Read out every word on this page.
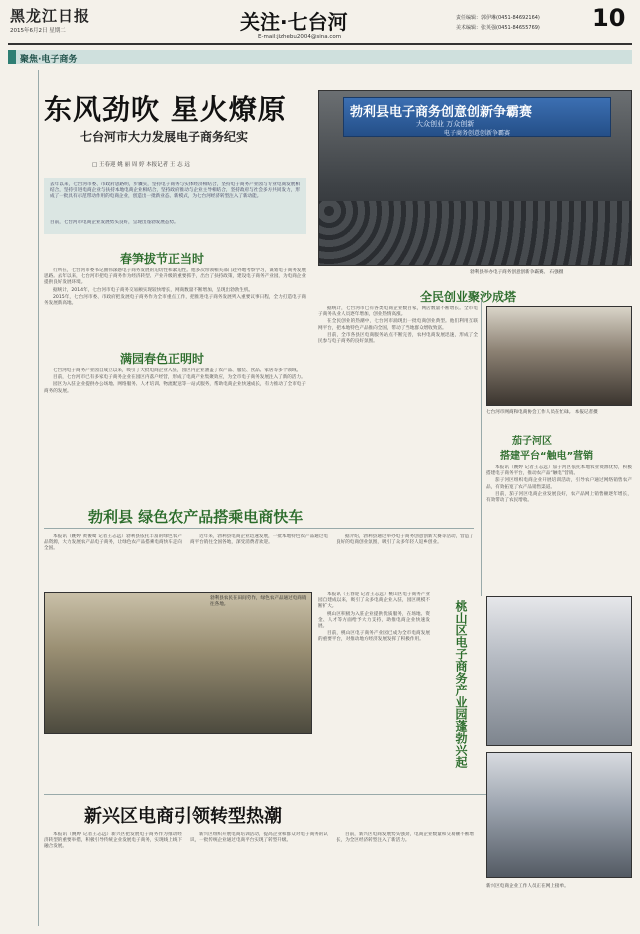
黑龙江日报
2015年6月2日 星期二	关注·七台河
E-mail:jizhebu2004@sina.com
责任编辑：郭伊琳(0451-84692164)
美术编辑：张英强(0451-84655769) 10
聚焦·电子商务
东风劲吹 星火燎原
七台河市大力发展电子商务纪实
□ 王春迎 姚 丽 周 婷 本报记者 王 志 远
去年以来，七台河市委、市政府思路明，步骤实，坚持电子商务与实体经济相结合，坚持电子商务产业园与专业电商发展相结合，坚持引进电商企业与扶持本地电商企业相结合，坚持政府推动与企业主导相结合，坚持政府与社会多方共同发力，形成了一批具有示范带动作用的电商企业，创造出一批新业态、新模式，为七台河经济转型注入了新动能。
目前，七台河市电商企业发展势头良好，呈现出蓬勃发展态势。
春笋拔节正当时

行所在，七台河市委书记曲伟深感电子商务发展的迫切性和紧迫性。他多次带领相关部门赴外地考察学习，谋划电子商务发展思路。去年以来，七台河市把电子商务作为经济转型、产业升级的重要抓手，出台了扶持政策，建设电子商务产业园，为电商企业提供良好发展环境。

据统计，2014年，七台河市电子商务交易额实现较快增长，网商数量不断增加，呈现出勃勃生机。

2015年，七台河市委、市政府把发展电子商务作为全市重点工作，把推进电子商务发展列入重要议事日程，全力打造电子商务发展新高地。

满园春色正明时

七台河电子商务产业园自成立以来，吸引了大批电商企业入驻，园区内企业涵盖了农产品、服装、食品、家居等多个领域。

目前，七台河市已有多家电子商务企业在园区内落户经营，形成了电商产业集聚效应，为全市电子商务发展注入了新的活力。

园区为入驻企业提供办公场地、网络服务、人才培训、物流配送等一站式服务，帮助电商企业快速成长，有力推动了全市电子商务的发展。

勃利县电子商务创意创新争霸赛
大众创业 万众创新
电子商务创意创新争霸赛
勃利县举办电子商务创意创新争霸赛。 石强摄
全民创业聚沙成塔

据统计，七台河市已有各类电商企业数百家，网店数量不断增长。全市电子商务从业人员逐年增加，创业热情高涨。

在全民创业的热潮中，七台河市涌现出一批电商创业典型。他们利用互联网平台，把本地特色产品推向全国，带动了当地群众增收致富。

目前，全市各县区电商服务站点不断完善，农村电商发展迅速，形成了全民参与电子商务的良好氛围。

七台河市网商和电商协会工作人员在忙碌。 本报记者摄
茄子河区
搭建平台“触电”营销

本报讯（姚婷 记者王志远）茄子河区依托本地农业资源优势，积极搭建电子商务平台，推动农产品“触电”营销。

茄子河区组织电商企业开展培训活动，引导农户通过网络销售农产品，有效拓宽了农产品销售渠道。

目前，茄子河区电商企业发展良好，农产品网上销售额逐年增长，有效带动了农民增收。

勃利县 绿色农产品搭乘电商快车

本报讯（姚婷 黄俊鹭 记者王志远）勃利县依托丰富的绿色农产品资源，大力发展农产品电子商务，让绿色农产品搭乘电商快车走向全国。

近年来，勃利县电商企业迅速发展，一批本地特色农产品通过电商平台销往全国各地，深受消费者欢迎。

据介绍，勃利县通过举办电子商务创意创新大赛等活动，营造了良好的电商创业氛围，吸引了众多年轻人返乡创业。

勃利县农民在田间劳作，绿色农产品通过电商销往各地。

本报讯（王春迎 记者王志远）桃山区电子商务产业园自建成以来，吸引了众多电商企业入驻，园区规模不断扩大。

桃山区积极为入驻企业提供优质服务，在场地、资金、人才等方面给予大力支持，助推电商企业快速发展。

目前，桃山区电子商务产业园已成为全市电商发展的重要平台，对推动地方经济发展发挥了积极作用。	桃山区电子商务产业园蓬勃兴起
新兴区电商引领转型热潮

本报讯（姚婷 记者王志远）新兴区把发展电子商务作为推动经济转型的重要举措，积极引导传统企业发展电子商务，实现线上线下融合发展。

新兴区组织开展电商培训活动，提高企业和群众对电子商务的认识，一批传统企业通过电商平台实现了转型升级。

目前，新兴区电商发展势头强劲，电商企业数量和交易额不断增长，为全区经济转型注入了新活力。

新兴区电商企业工作人员正在网上接单。
